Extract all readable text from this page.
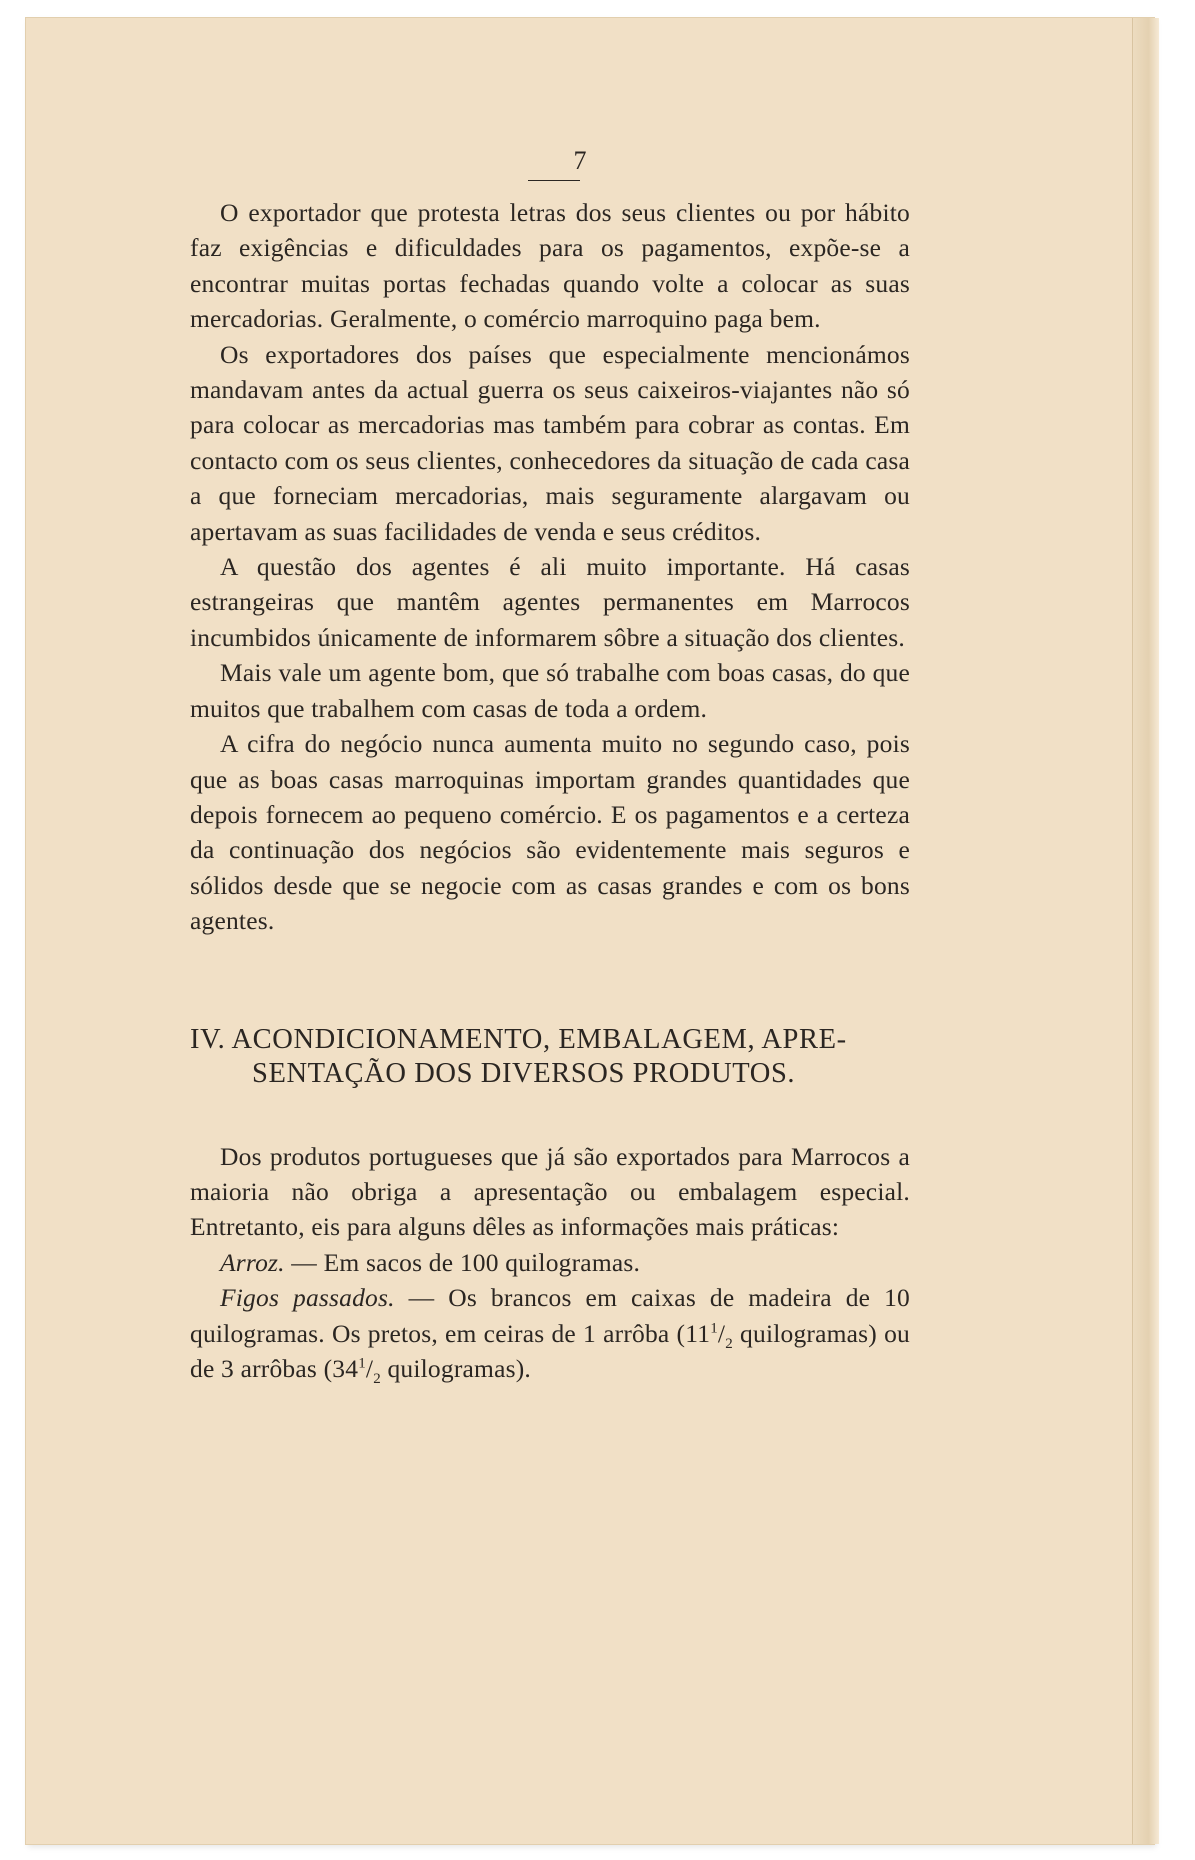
7

O exportador que protesta letras dos seus clientes ou por hábito faz exigências e dificuldades para os pagamentos, expõe-se a encontrar muitas portas fechadas quando volte a colocar as suas mercadorias. Geralmente, o comércio marroquino paga bem.

Os exportadores dos países que especialmente mencionámos mandavam antes da actual guerra os seus caixeiros-viajantes não só para colocar as mercadorias mas também para cobrar as contas. Em contacto com os seus clientes, conhecedores da situação de cada casa a que forneciam mercadorias, mais seguramente alargavam ou apertavam as suas facilidades de venda e seus créditos.

A questão dos agentes é ali muito importante. Há casas estrangeiras que mantêm agentes permanentes em Marrocos incumbidos únicamente de informarem sôbre a situação dos clientes.

Mais vale um agente bom, que só trabalhe com boas casas, do que muitos que trabalhem com casas de toda a ordem.

A cifra do negócio nunca aumenta muito no segundo caso, pois que as boas casas marroquinas importam grandes quantidades que depois fornecem ao pequeno comércio. E os pagamentos e a certeza da continuação dos negócios são evidentemente mais seguros e sólidos desde que se negocie com as casas grandes e com os bons agentes.

IV. ACONDICIONAMENTO, EMBALAGEM, APRE-
SENTAÇÃO DOS DIVERSOS PRODUTOS.

Dos produtos portugueses que já são exportados para Marrocos a maioria não obriga a apresentação ou embalagem especial. Entretanto, eis para alguns dêles as informações mais práticas:

Arroz. — Em sacos de 100 quilogramas.

Figos passados. — Os brancos em caixas de madeira de 10 quilogramas. Os pretos, em ceiras de 1 arrôba ($11^1/_2$ quilogramas) ou de 3 arrôbas ($34^1/_2$ quilogramas).
